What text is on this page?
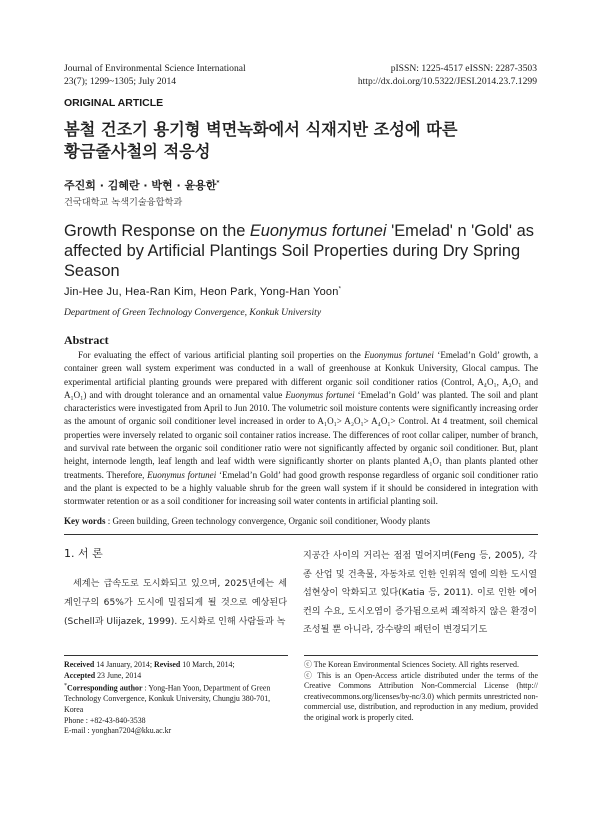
Journal of Environmental Science International
23(7); 1299~1305; July 2014
pISSN: 1225-4517 eISSN: 2287-3503
http://dx.doi.org/10.5322/JESI.2014.23.7.1299
ORIGINAL ARTICLE
봄철 건조기 용기형 벽면녹화에서 식재지반 조성에 따른
황금줄사철의 적응성
주진희 · 김혜란 · 박현 · 윤용한*
건국대학교 녹색기술융합학과
Growth Response on the Euonymus fortunei 'Emelad' n 'Gold' as affected by Artificial Plantings Soil Properties during Dry Spring Season
Jin-Hee Ju, Hea-Ran Kim, Heon Park, Yong-Han Yoon*
Department of Green Technology Convergence, Konkuk University
Abstract
For evaluating the effect of various artificial planting soil properties on the Euonymus fortunei ‘Emelad’n Gold’ growth, a container green wall system experiment was conducted in a wall of greenhouse at Konkuk University, Glocal campus. The experimental artificial planting grounds were prepared with different organic soil conditioner ratios (Control, A₄O₁, A₂O₁ and A₁O₁) and with drought tolerance and an ornamental value Euonymus fortunei ‘Emelad’n Gold’ was planted. The soil and plant characteristics were investigated from April to Jun 2010. The volumetric soil moisture contents were significantly increasing order as the amount of organic soil conditioner level increased in order to A₁O₁> A₂O₁> A₄O₁> Control. At 4 treatment, soil chemical properties were inversely related to organic soil container ratios increase. The differences of root collar caliper, number of branch, and survival rate between the organic soil conditioner ratio were not significantly affected by organic soil conditioner. But, plant height, internode length, leaf length and leaf width were significantly shorter on plants planted A₁O₁ than plants planted other treatments. Therefore, Euonymus fortunei ‘Emelad’n Gold’ had good growth response regardless of organic soil conditioner ratio and the plant is expected to be a highly valuable shrub for the green wall system if it should be considered in integration with stormwater retention or as a soil conditioner for increasing soil water contents in artificial planting soil.
Key words : Green building, Green technology convergence, Organic soil conditioner, Woody plants
1. 서 론
세계는 급속도로 도시화되고 있으며, 2025년에는 세계인구의 65%가 도시에 밀집되게 될 것으로 예상된다(Schell과 Ulijazek, 1999). 도시화로 인해 사람들과 녹
지공간 사이의 거리는 점점 멀어지며(Feng 등, 2005), 각종 산업 및 건축물, 자동차로 인한 인위적 열에 의한 도시열섬현상이 악화되고 있다(Katia 등, 2011). 이로 인한 에어컨의 수요, 도시오염이 증가됨으로써 쾌적하지 않은 환경이 조성될 뿐 아니라, 강수량의 패턴이 변경되기도
Received 14 January, 2014; Revised 10 March, 2014;
Accepted 23 June, 2014
*Corresponding author : Yong-Han Yoon, Department of Green Technology Convergence, Konkuk University, Chungju 380-701, Korea
Phone : +82-43-840-3538
E-mail : yonghan7204@kku.ac.kr
ⓒ The Korean Environmental Sciences Society. All rights reserved.
ⓒ This is an Open-Access article distributed under the terms of the Creative Commons Attribution Non-Commercial License (http:// creativecommons.org/licenses/by-nc/3.0) which permits unrestricted non-commercial use, distribution, and reproduction in any medium, provided the original work is properly cited.
